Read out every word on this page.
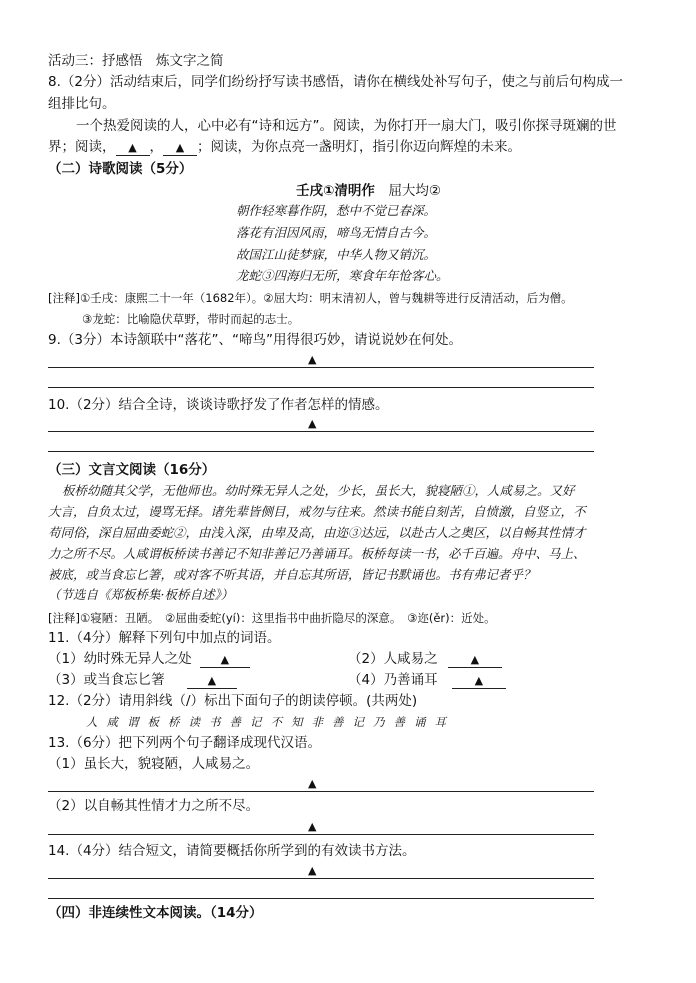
活动三：抒感悟　炼文字之简
8.（2分）活动结束后，同学们纷纷抒写读书感悟，请你在横线处补写句子，使之与前后句构成一
组排比句。
一个热爱阅读的人，心中必有“诗和远方”。阅读，为你打开一扇大门，吸引你探寻斑斓的世
界；阅读， ▲ ， ▲ ；阅读，为你点亮一盏明灯，指引你迈向辉煌的未来。
（二）诗歌阅读（5分）
壬戌①清明作　 屈大均②
朝作轻寒暮作阴，愁中不觉已春深。
落花有泪因风雨，啼鸟无情自古今。
故国江山徒梦寐，中华人物又销沉。
龙蛇③四海归无所，寒食年年怆客心。
[注释]①壬戌：康熙二十一年（1682年）。②屈大均：明末清初人，曾与魏耕等进行反清活动，后为僧。
③龙蛇：比喻隐伏草野，带时而起的志士。
9.（3分）本诗颔联中“落花”、“啼鸟”用得很巧妙，请说说妙在何处。
▲
10.（2分）结合全诗，谈谈诗歌抒发了作者怎样的情感。
▲
（三）文言文阅读（16分）
板桥幼随其父学，无他师也。幼时殊无异人之处，少长，虽长大，貌寝陋①，人咸易之。又好
大言，自负太过，谩骂无择。诸先辈皆侧目，戒勿与往来。然读书能自刻苦，自愤激，自竖立，不
苟同俗，深自屈曲委蛇②，由浅入深，由卑及高，由迩③达远，以赴古人之奥区，以自畅其性情才
力之所不尽。人咸谓板桥读书善记不知非善记乃善诵耳。板桥每读一书，必千百遍。舟中、马上、
被底，或当食忘匕箸，或对客不听其语，并自忘其所语，皆记书默诵也。书有弗记者乎？
（节选自《郑板桥集·板桥自述》）
[注释]①寝陋：丑陋。　②屈曲委蛇(yí)：这里指书中曲折隐尽的深意。　③迩(ěr)：近处。
11.（4分）解释下列句中加点的词语。
（1）幼时殊无异人之处	▲	（2）人咸易之	▲
（3）或当食忘匕箸	▲	（4）乃善诵耳	▲
12.（2分）请用斜线（/）标出下面句子的朗读停顿。(共两处)
人咸谓板桥读书善记不知非善记乃善诵耳
13.（6分）把下列两个句子翻译成现代汉语。
（1）虽长大，貌寝陋，人咸易之。
▲
（2）以自畅其性情才力之所不尽。
▲
14.（4分）结合短文，请简要概括你所学到的有效读书方法。
▲
（四）非连续性文本阅读。（14分）
